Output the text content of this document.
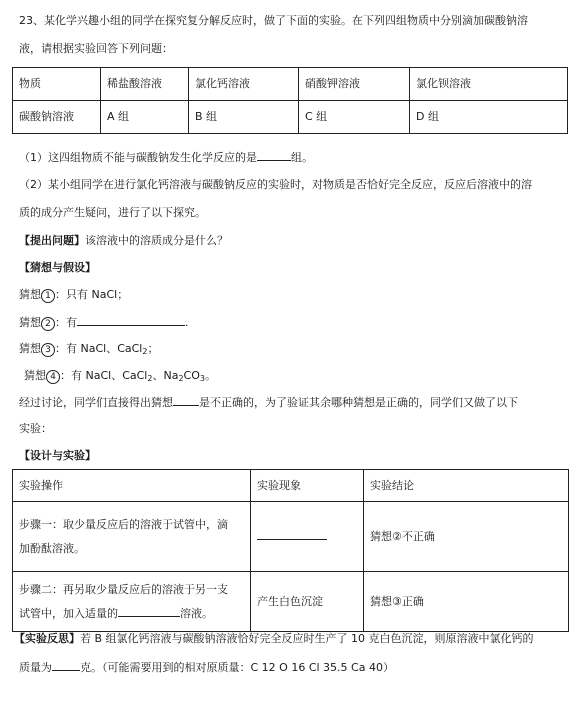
23、某化学兴趣小组的同学在探究复分解反应时，做了下面的实验。在下列四组物质中分别滴加碳酸钠溶
液，请根据实验回答下列问题：
物质	稀盐酸溶液	氯化钙溶液	硝酸钾溶液	氯化钡溶液
碳酸钠溶液	A 组	B 组	C 组	D 组
（1）这四组物质不能与碳酸钠发生化学反应的是	组。
（2）某小组同学在进行氯化钙溶液与碳酸钠反应的实验时，对物质是否恰好完全反应，反应后溶液中的溶
质的成分产生疑问，进行了以下探究。
【提出问题】该溶液中的溶质成分是什么？
【猜想与假设】
猜想 1 ：只有 NaCl；
猜想 2 ：有	.
猜想 3 ：有 NaCl、CaCl$_2$；
猜想 4 ：有 NaCl、CaCl$_2$、$Na_2CO_3$。
经过讨论，同学们直接得出猜想 是不正确的，为了验证其余哪种猜想是正确的，同学们又做了以下
实验：
【设计与实验】
实验操作	实验现象	实验结论
步骤一：取少量反应后的溶液于试管中，滴
加酚酞溶液。		猜想②不正确
步骤二：再另取少量反应后的溶液于另一支
试管中，加入适量的 溶液。	产生白色沉淀	猜想③正确
【实验反思】若 B 组氯化钙溶液与碳酸钠溶液恰好完全反应时生产了 10 克白色沉淀，则原溶液中氯化钙的
质量为	克。（可能需要用到的相对原质量：C 12 O 16 Cl 35.5 Ca 40）
